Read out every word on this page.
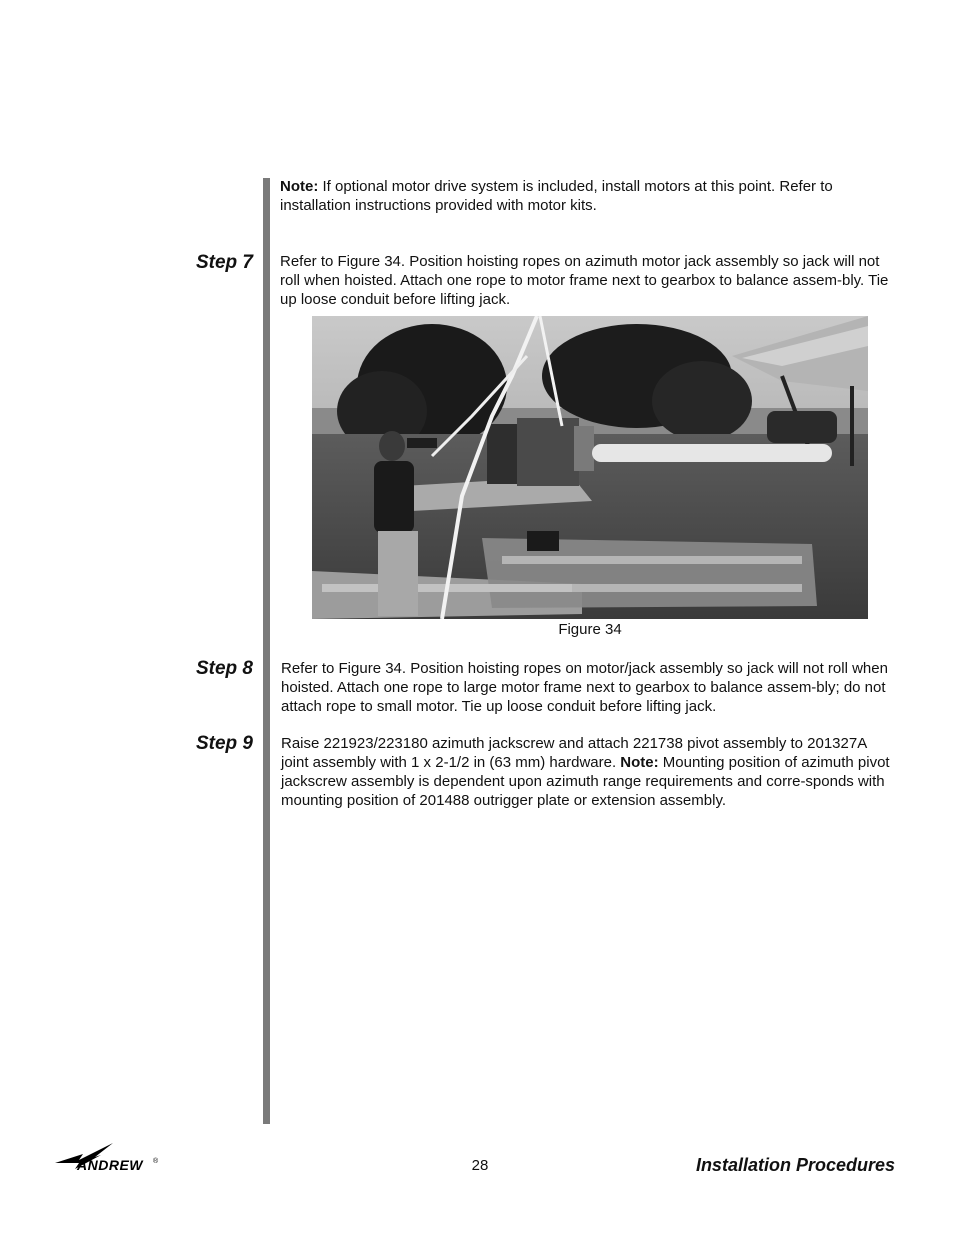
Note: If optional motor drive system is included, install motors at this point. Refer to installation instructions provided with motor kits.
Step 7 Refer to Figure 34. Position hoisting ropes on azimuth motor jack assembly so jack will not roll when hoisted. Attach one rope to motor frame next to gearbox to balance assem-bly. Tie up loose conduit before lifting jack.
Figure 34
Step 8 Refer to Figure 34. Position hoisting ropes on motor/jack assembly so jack will not roll when hoisted. Attach one rope to large motor frame next to gearbox to balance assem-bly; do not attach rope to small motor. Tie up loose conduit before lifting jack.
Step 9 Raise 221923/223180 azimuth jackscrew and attach 221738 pivot assembly to 201327A joint assembly with 1 x 2-1/2 in (63 mm) hardware. Note: Mounting position of azimuth pivot jackscrew assembly is dependent upon azimuth range requirements and corre-sponds with mounting position of 201488 outrigger plate or extension assembly.
ANDREW ®	28	Installation Procedures
